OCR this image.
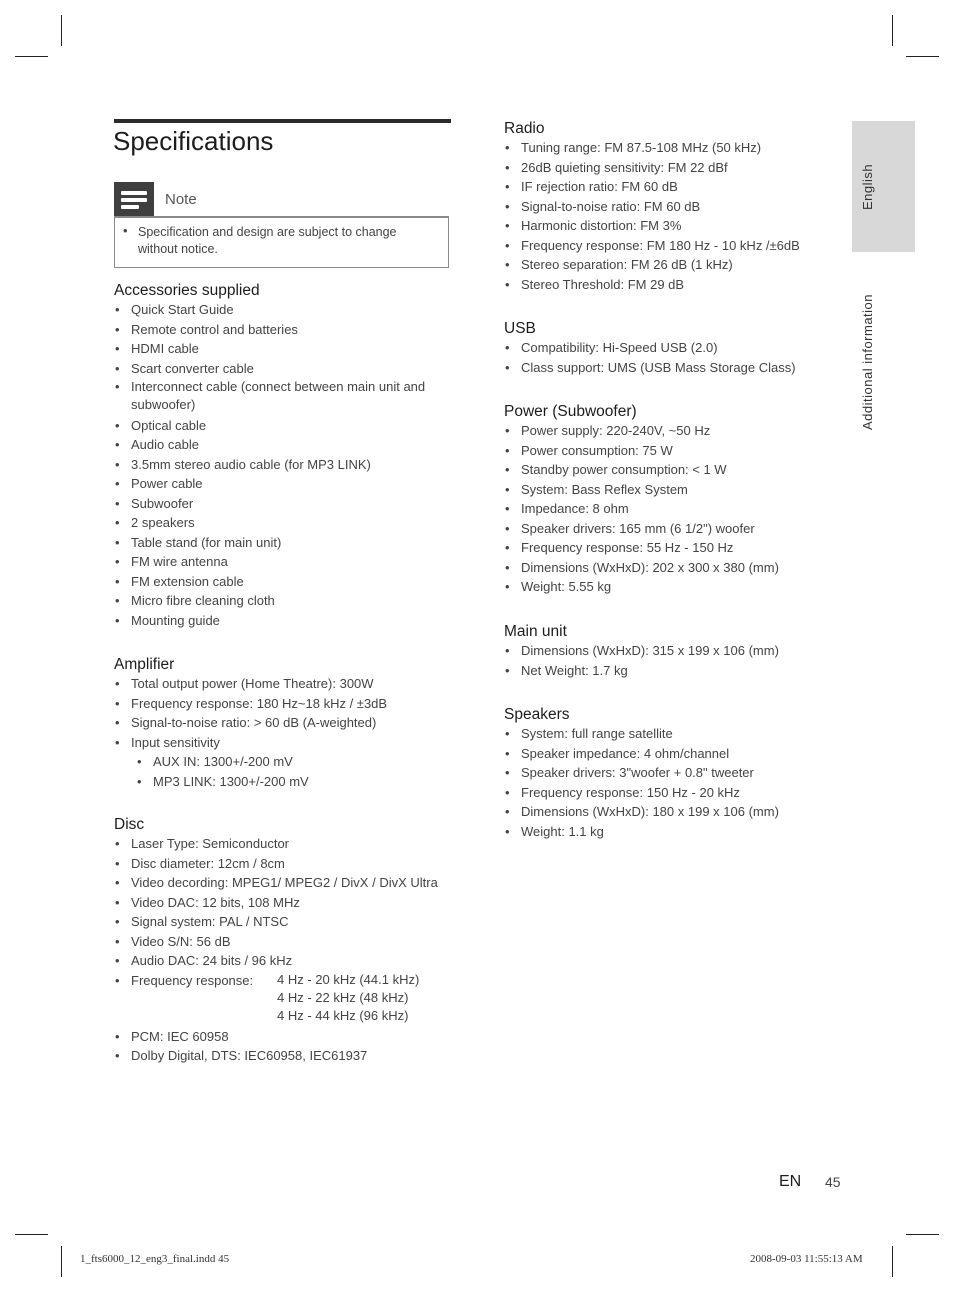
Specifications
Note
• Specification and design are subject to change without notice.
Accessories supplied
• Quick Start Guide
• Remote control and batteries
• HDMI cable
• Scart converter cable
• Interconnect cable (connect between main unit and subwoofer)
• Optical cable
• Audio cable
• 3.5mm stereo audio cable (for MP3 LINK)
• Power cable
• Subwoofer
• 2 speakers
• Table stand (for main unit)
• FM wire antenna
• FM extension cable
• Micro fibre cleaning cloth
• Mounting guide
Amplifier
• Total output power (Home Theatre): 300W
• Frequency response: 180 Hz~18 kHz / ±3dB
• Signal-to-noise ratio: > 60 dB (A-weighted)
• Input sensitivity
• AUX IN: 1300+/-200 mV
• MP3 LINK: 1300+/-200 mV
Disc
• Laser Type: Semiconductor
• Disc diameter: 12cm / 8cm
• Video decording: MPEG1/ MPEG2 / DivX / DivX Ultra
• Video DAC: 12 bits, 108 MHz
• Signal system: PAL / NTSC
• Video S/N: 56 dB
• Audio DAC: 24 bits / 96 kHz
• Frequency response:	4 Hz - 20 kHz (44.1 kHz)
4 Hz - 22 kHz (48 kHz)
4 Hz - 44 kHz (96 kHz)
• PCM: IEC 60958
• Dolby Digital, DTS: IEC60958, IEC61937
Radio
• Tuning range: FM 87.5-108 MHz (50 kHz)
• 26dB quieting sensitivity: FM 22 dBf
• IF rejection ratio: FM 60 dB
• Signal-to-noise ratio: FM 60 dB
• Harmonic distortion: FM 3%
• Frequency response: FM 180 Hz - 10 kHz /±6dB
• Stereo separation: FM 26 dB (1 kHz)
• Stereo Threshold: FM 29 dB
USB
• Compatibility: Hi-Speed USB (2.0)
• Class support: UMS (USB Mass Storage Class)
Power (Subwoofer)
• Power supply: 220-240V, ~50 Hz
• Power consumption: 75 W
• Standby power consumption: < 1 W
• System: Bass Reflex System
• Impedance: 8 ohm
• Speaker drivers: 165 mm (6 1/2") woofer
• Frequency response: 55 Hz - 150 Hz
• Dimensions (WxHxD): 202 x 300 x 380 (mm)
• Weight: 5.55 kg
Main unit
• Dimensions (WxHxD): 315 x 199 x 106 (mm)
• Net Weight: 1.7 kg
Speakers
• System: full range satellite
• Speaker impedance: 4 ohm/channel
• Speaker drivers: 3"woofer + 0.8" tweeter
• Frequency response: 150 Hz - 20 kHz
• Dimensions (WxHxD): 180 x 199 x 106 (mm)
• Weight: 1.1 kg
English
Additional information
EN 45
1_fts6000_12_eng3_final.indd 45	2008-09-03 11:55:13 AM
